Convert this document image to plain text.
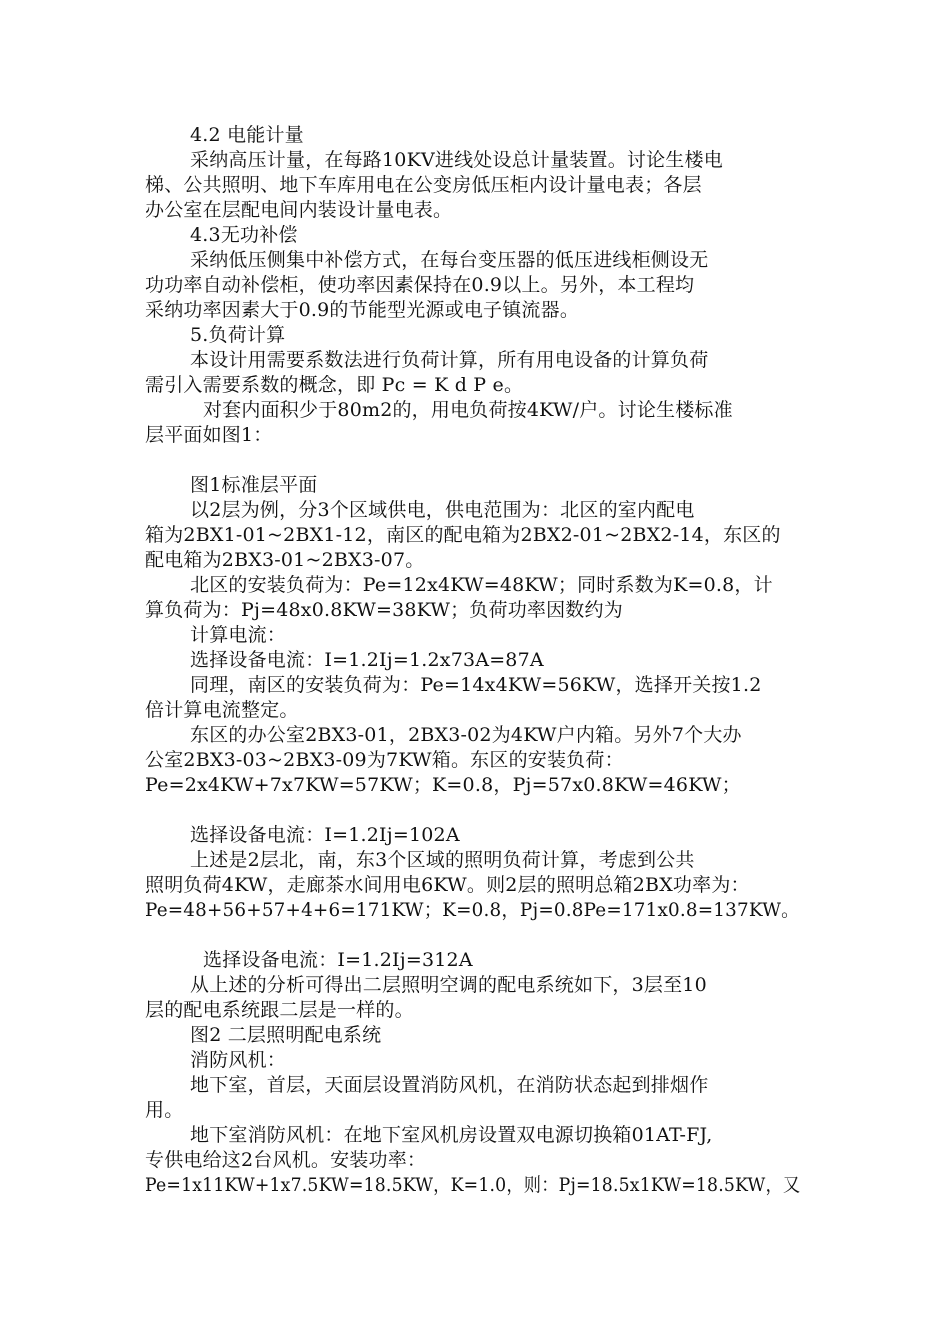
4.2 电能计量
采纳高压计量，在每路10KV进线处设总计量装置。讨论生楼电
梯、公共照明、地下车库用电在公变房低压柜内设计量电表；各层
办公室在层配电间内装设计量电表。
4.3无功补偿
采纳低压侧集中补偿方式，在每台变压器的低压进线柜侧设无
功功率自动补偿柜，使功率因素保持在0.9以上。另外，本工程均
采纳功率因素大于0.9的节能型光源或电子镇流器。
5.负荷计算
本设计用需要系数法进行负荷计算，所有用电设备的计算负荷
需引入需要系数的概念，即 Pc = K d P e。
对套内面积少于80m2的，用电负荷按4KW/户。讨论生楼标准
层平面如图1：
图1标准层平面
以2层为例，分3个区域供电，供电范围为：北区的室内配电
箱为2BX1-01~2BX1-12，南区的配电箱为2BX2-01~2BX2-14，东区的
配电箱为2BX3-01~2BX3-07。
北区的安装负荷为：Pe=12x4KW=48KW；同时系数为K=0.8，计
算负荷为：Pj=48x0.8KW=38KW；负荷功率因数约为
计算电流：
选择设备电流：I=1.2Ij=1.2x73A=87A
同理，南区的安装负荷为：Pe=14x4KW=56KW，选择开关按1.2
倍计算电流整定。
东区的办公室2BX3-01，2BX3-02为4KW户内箱。另外7个大办
公室2BX3-03~2BX3-09为7KW箱。东区的安装负荷：
Pe=2x4KW+7x7KW=57KW；K=0.8，Pj=57x0.8KW=46KW；
选择设备电流：I=1.2Ij=102A
上述是2层北，南，东3个区域的照明负荷计算，考虑到公共
照明负荷4KW，走廊茶水间用电6KW。则2层的照明总箱2BX功率为：
Pe=48+56+57+4+6=171KW；K=0.8，Pj=0.8Pe=171x0.8=137KW。
选择设备电流：I=1.2Ij=312A
从上述的分析可得出二层照明空调的配电系统如下，3层至10
层的配电系统跟二层是一样的。
图2 二层照明配电系统
消防风机：
地下室，首层，天面层设置消防风机，在消防状态起到排烟作
用。
地下室消防风机：在地下室风机房设置双电源切换箱01AT-FJ,
专供电给这2台风机。安装功率：
Pe=1x11KW+1x7.5KW=18.5KW，K=1.0，则：Pj=18.5x1KW=18.5KW，又
